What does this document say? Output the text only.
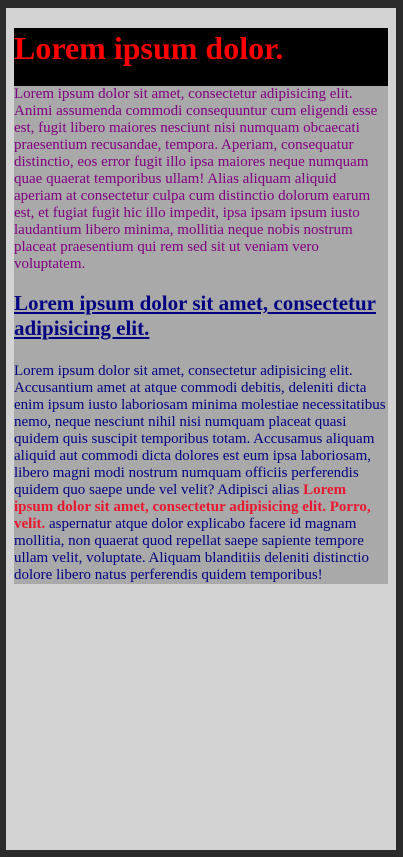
Lorem ipsum dolor.

Lorem ipsum dolor sit amet, consectetur adipisicing elit. Animi assumenda commodi consequuntur cum eligendi esse est, fugit libero maiores nesciunt nisi numquam obcaecati praesentium recusandae, tempora. Aperiam, consequatur distinctio, eos error fugit illo ipsa maiores neque numquam quae quaerat temporibus ullam! Alias aliquam aliquid aperiam at consectetur culpa cum distinctio dolorum earum est, et fugiat fugit hic illo impedit, ipsa ipsam ipsum iusto laudantium libero minima, mollitia neque nobis nostrum placeat praesentium qui rem sed sit ut veniam vero voluptatem.

Lorem ipsum dolor sit amet, consectetur adipisicing elit.

Lorem ipsum dolor sit amet, consectetur adipisicing elit. Accusantium amet at atque commodi debitis, deleniti dicta enim ipsum iusto laboriosam minima molestiae necessitatibus nemo, neque nesciunt nihil nisi numquam placeat quasi quidem quis suscipit temporibus totam. Accusamus aliquam aliquid aut commodi dicta dolores est eum ipsa laboriosam, libero magni modi nostrum numquam officiis perferendis quidem quo saepe unde vel velit? Adipisci alias Lorem ipsum dolor sit amet, consectetur adipisicing elit. Porro, velit. aspernatur atque dolor explicabo facere id magnam mollitia, non quaerat quod repellat saepe sapiente tempore ullam velit, voluptate. Aliquam blanditiis deleniti distinctio dolore libero natus perferendis quidem temporibus!
